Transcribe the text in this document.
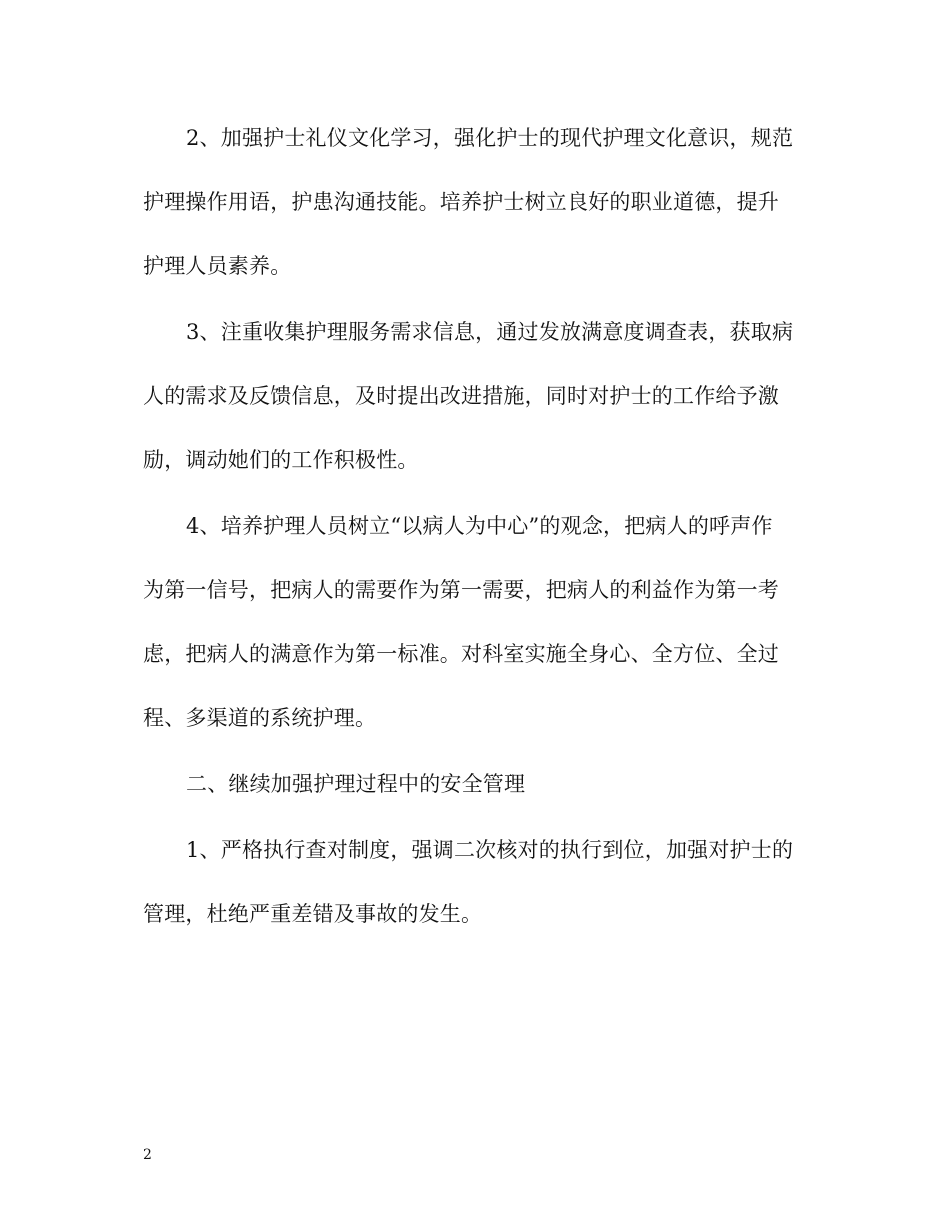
2、加强护士礼仪文化学习，强化护士的现代护理文化意识，规范
护理操作用语，护患沟通技能。培养护士树立良好的职业道德，提升
护理人员素养。
3、注重收集护理服务需求信息，通过发放满意度调查表，获取病
人的需求及反馈信息，及时提出改进措施，同时对护士的工作给予激
励，调动她们的工作积极性。
4、培养护理人员树立“以病人为中心”的观念，把病人的呼声作
为第一信号，把病人的需要作为第一需要，把病人的利益作为第一考
虑，把病人的满意作为第一标准。对科室实施全身心、全方位、全过
程、多渠道的系统护理。
二、继续加强护理过程中的安全管理
1、严格执行查对制度，强调二次核对的执行到位，加强对护士的
管理，杜绝严重差错及事故的发生。
2
